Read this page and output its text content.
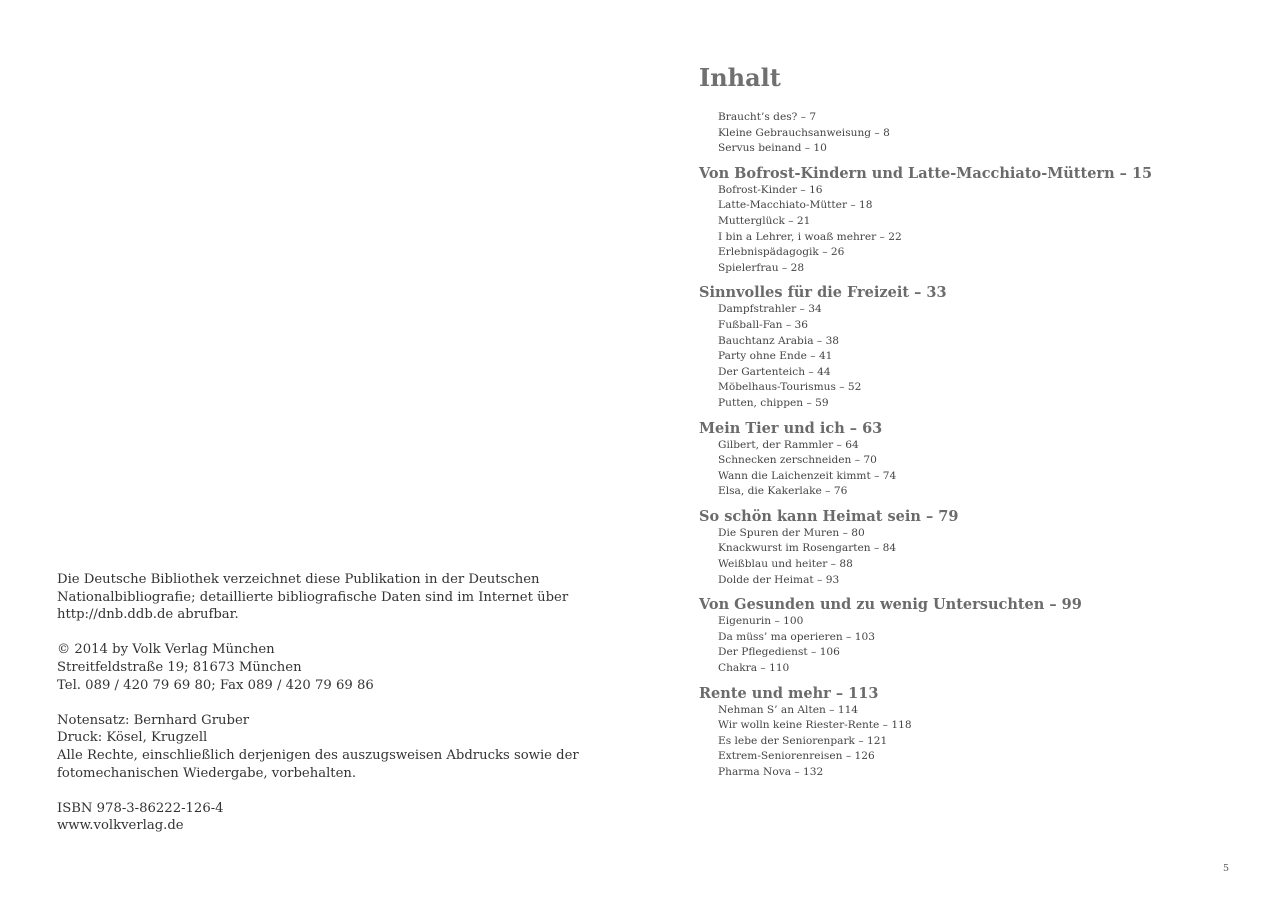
Die Deutsche Bibliothek verzeichnet diese Publikation in der Deutschen
Nationalbibliografie; detaillierte bibliografische Daten sind im Internet über
http://dnb.ddb.de abrufbar.

© 2014 by Volk Verlag München
Streitfeldstraße 19; 81673 München
Tel. 089 / 420 79 69 80; Fax 089 / 420 79 69 86

Notensatz: Bernhard Gruber
Druck: Kösel, Krugzell
Alle Rechte, einschließlich derjenigen des auszugsweisen Abdrucks sowie der
fotomechanischen Wiedergabe, vorbehalten.

ISBN 978-3-86222-126-4
www.volkverlag.de

Inhalt
Braucht’s des? – 7
Kleine Gebrauchsanweisung – 8
Servus beinand – 10
Von Bofrost-Kindern und Latte-Macchiato-Müttern – 15
Bofrost-Kinder – 16
Latte-Macchiato-Mütter – 18
Mutterglück – 21
I bin a Lehrer, i woaß mehrer – 22
Erlebnispädagogik – 26
Spielerfrau – 28
Sinnvolles für die Freizeit – 33
Dampfstrahler – 34
Fußball-Fan – 36
Bauchtanz Arabia – 38
Party ohne Ende – 41
Der Gartenteich – 44
Möbelhaus-Tourismus – 52
Putten, chippen – 59
Mein Tier und ich – 63
Gilbert, der Rammler – 64
Schnecken zerschneiden – 70
Wann die Laichenzeit kimmt – 74
Elsa, die Kakerlake – 76
So schön kann Heimat sein – 79
Die Spuren der Muren – 80
Knackwurst im Rosengarten – 84
Weißblau und heiter – 88
Dolde der Heimat – 93
Von Gesunden und zu wenig Untersuchten – 99
Eigenurin – 100
Da müss’ ma operieren – 103
Der Pflegedienst – 106
Chakra – 110
Rente und mehr – 113
Nehman S’ an Alten – 114
Wir wolln keine Riester-Rente – 118
Es lebe der Seniorenpark – 121
Extrem-Seniorenreisen – 126
Pharma Nova – 132
5
